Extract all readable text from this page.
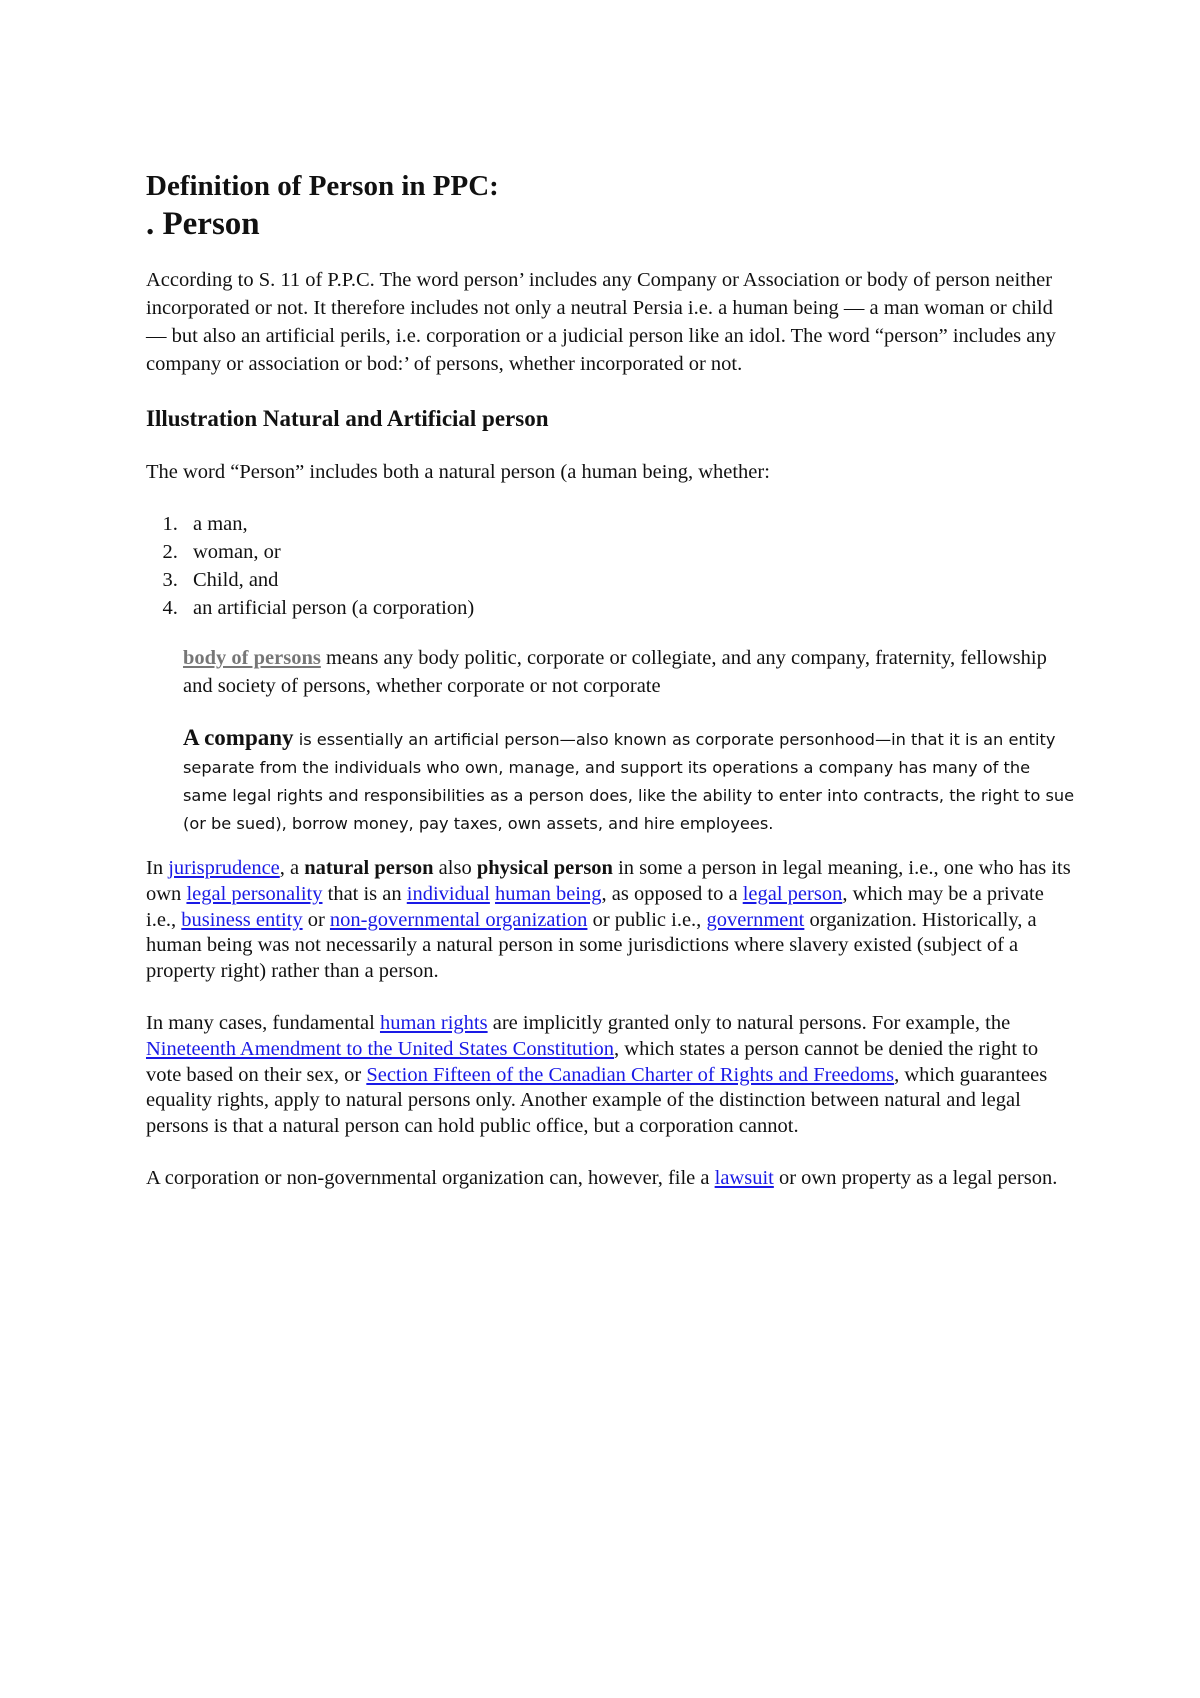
Definition of Person in PPC:
. Person

According to S. 11 of P.P.C. The word person’ includes any Company or Association or body of person neither incorporated or not. It therefore includes not only a neutral Persia i.e. a human being — a man woman or child — but also an artificial perils, i.e. corporation or a judicial person like an idol. The word “person” includes any company or association or bod:’ of persons, whether incorporated or not.

Illustration Natural and Artificial person

The word “Person” includes both a natural person (a human being, whether:

1. a man,
2. woman, or
3. Child, and
4. an artificial person (a corporation)

body of persons means any body politic, corporate or collegiate, and any company, fraternity, fellowship and society of persons, whether corporate or not corporate

A company is essentially an artificial person—also known as corporate personhood—in that it is an entity separate from the individuals who own, manage, and support its operations a company has many of the same legal rights and responsibilities as a person does, like the ability to enter into contracts, the right to sue (or be sued), borrow money, pay taxes, own assets, and hire employees.

In jurisprudence, a natural person also physical person in some a person in legal meaning, i.e., one who has its own legal personality that is an individual human being, as opposed to a legal person, which may be a private i.e., business entity or non-governmental organization or public i.e., government organization. Historically, a human being was not necessarily a natural person in some jurisdictions where slavery existed (subject of a property right) rather than a person.

In many cases, fundamental human rights are implicitly granted only to natural persons. For example, the Nineteenth Amendment to the United States Constitution, which states a person cannot be denied the right to vote based on their sex, or Section Fifteen of the Canadian Charter of Rights and Freedoms, which guarantees equality rights, apply to natural persons only. Another example of the distinction between natural and legal persons is that a natural person can hold public office, but a corporation cannot.

A corporation or non-governmental organization can, however, file a lawsuit or own property as a legal person.
